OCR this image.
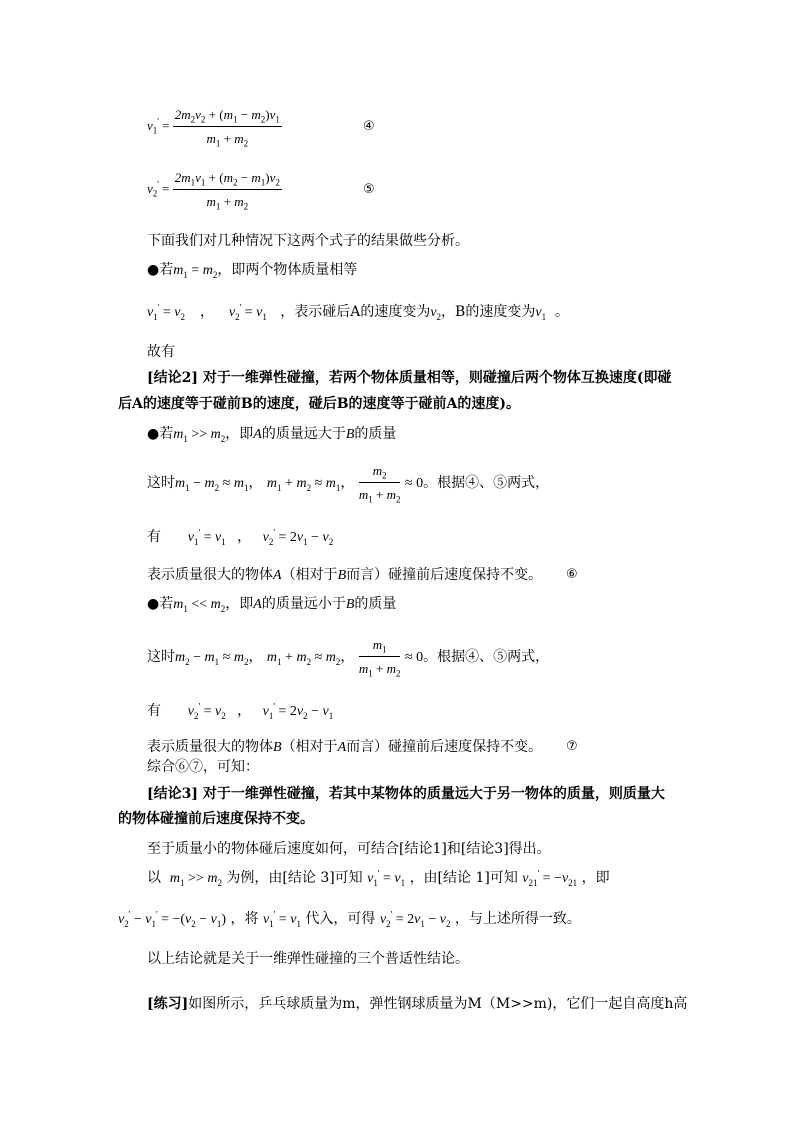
$v_1' = \frac{2m_2v_2 + (m_1 - m_2)v_1}{m_1 + m_2}$	④
$v_2' = \frac{2m_1v_1 + (m_2 - m_1)v_2}{m_1 + m_2}$	⑤
下面我们对几种情况下这两个式子的结果做些分析。
●若$m_1 = m_2$，即两个物体质量相等
$v_1' = v_2$    ，    $v_2' = v_1$   ，表示碰后A的速度变为$v_2$，B的速度变为$v_1$ 。
故有
[结论2] 对于一维弹性碰撞，若两个物体质量相等，则碰撞后两个物体互换速度(即碰
后A的速度等于碰前B的速度，碰后B的速度等于碰前A的速度)。
●若$m_1 >> m_2$，即A的质量远大于B的质量
这时$m_1 - m_2 \approx m_1$， $m_1 + m_2 \approx m_1$， $\frac{m_2}{m_1 + m_2} \approx 0$。根据④、⑤两式，
有 $v_1' = v_1$   ，   $v_2' = 2v_1 - v_2$
表示质量很大的物体A（相对于B而言）碰撞前后速度保持不变。 ⑥
●若$m_1 << m_2$，即A的质量远小于B的质量
这时$m_2 - m_1 \approx m_2$， $m_1 + m_2 \approx m_2$， $\frac{m_1}{m_1 + m_2} \approx 0$。根据④、⑤两式，
有 $v_2' = v_2$   ，   $v_1' = 2v_2 - v_1$
表示质量很大的物体B（相对于A而言）碰撞前后速度保持不变。 ⑦
综合⑥⑦，可知：
[结论3] 对于一维弹性碰撞，若其中某物体的质量远大于另一物体的质量，则质量大
的物体碰撞前后速度保持不变。
至于质量小的物体碰后速度如何，可结合[结论1]和[结论3]得出。
以 $m_1 >> m_2$ 为例，由[结论 3]可知 $v_1' = v_1$ ，由[结论 1]可知 $v_{21}' = -v_{21}$ ，即
$v_2' - v_1' = -(v_2 - v_1)$ ，将 $v_1' = v_1$ 代入，可得 $v_2' = 2v_1 - v_2$ ，与上述所得一致。
以上结论就是关于一维弹性碰撞的三个普适性结论。
[练习]如图所示，乒乓球质量为m，弹性钢球质量为M（M>>m)，它们一起自高度h高
